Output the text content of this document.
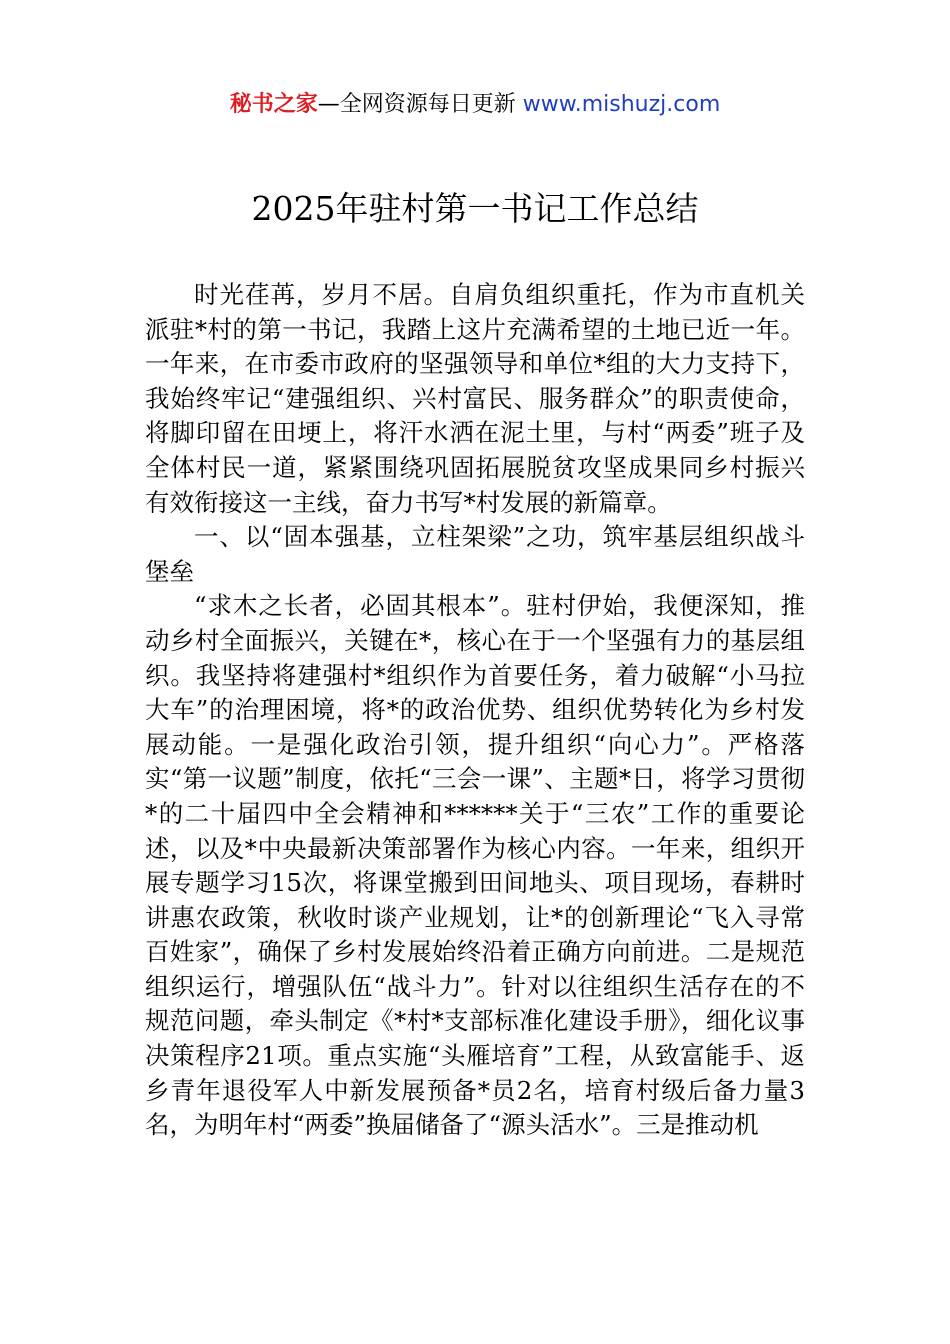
秘书之家—全网资源每日更新 www.mishuzj.com
2025年驻村第一书记工作总结

时光荏苒，岁月不居。自肩负组织重托，作为市直机关派驻*村的第一书记，我踏上这片充满希望的土地已近一年。一年来，在市委市政府的坚强领导和单位*组的大力支持下，我始终牢记“建强组织、兴村富民、服务群众”的职责使命，将脚印留在田埂上，将汗水洒在泥土里，与村“两委”班子及全体村民一道，紧紧围绕巩固拓展脱贫攻坚成果同乡村振兴有效衔接这一主线，奋力书写*村发展的新篇章。

一、以“固本强基，立柱架梁”之功，筑牢基层组织战斗堡垒

“求木之长者，必固其根本”。驻村伊始，我便深知，推动乡村全面振兴，关键在*，核心在于一个坚强有力的基层组织。我坚持将建强村*组织作为首要任务，着力破解“小马拉大车”的治理困境，将*的政治优势、组织优势转化为乡村发展动能。一是强化政治引领，提升组织“向心力”。严格落实“第一议题”制度，依托“三会一课”、主题*日，将学习贯彻*的二十届四中全会精神和******关于“三农”工作的重要论述，以及*中央最新决策部署作为核心内容。一年来，组织开展专题学习15次，将课堂搬到田间地头、项目现场，春耕时讲惠农政策，秋收时谈产业规划，让*的创新理论“飞入寻常百姓家”，确保了乡村发展始终沿着正确方向前进。二是规范组织运行，增强队伍“战斗力”。针对以往组织生活存在的不规范问题，牵头制定《*村*支部标准化建设手册》，细化议事决策程序21项。重点实施“头雁培育”工程，从致富能手、返乡青年退役军人中新发展预备*员2名，培育村级后备力量3名，为明年村“两委”换届储备了“源头活水”。三是推动机
